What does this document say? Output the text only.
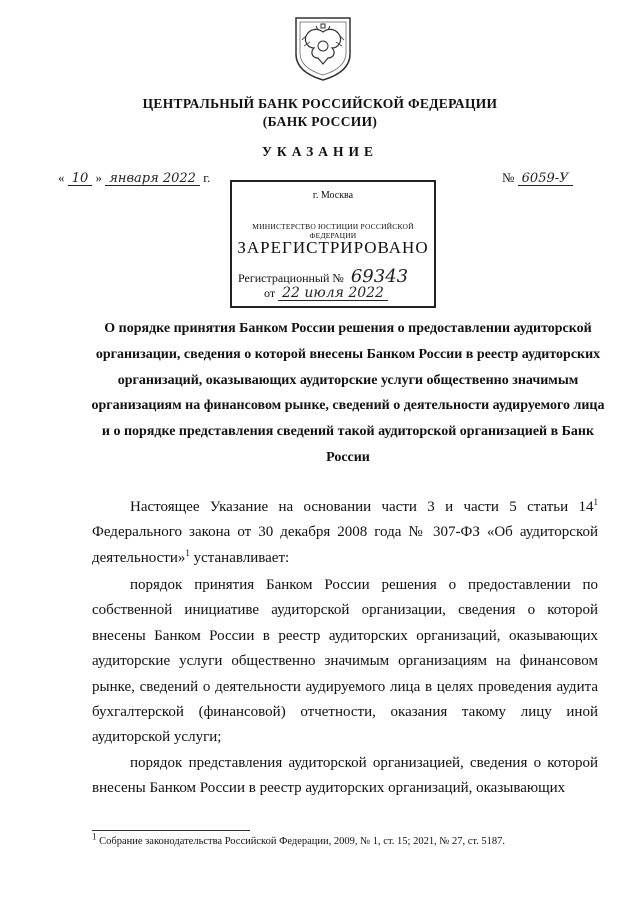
ЦЕНТРАЛЬНЫЙ БАНК РОССИЙСКОЙ ФЕДЕРАЦИИ
(БАНК РОССИИ)
УКАЗАНИЕ
« 10 » января 2022 г.	№ 6059-У
г. Москва
МИНИСТЕРСТВО ЮСТИЦИИ РОССИЙСКОЙ ФЕДЕРАЦИИ
ЗАРЕГИСТРИРОВАНО
Регистрационный № 69343
от 22 июля 2022
О порядке принятия Банком России решения о предоставлении аудиторской организации, сведения о которой внесены Банком России в реестр аудиторских организаций, оказывающих аудиторские услуги общественно значимым организациям на финансовом рынке, сведений о деятельности аудируемого лица и о порядке представления сведений такой аудиторской организацией в Банк России

Настоящее Указание на основании части 3 и части 5 статьи $14^1$ Федерального закона от 30 декабря 2008 года № 307-ФЗ «Об аудиторской деятельности»$^1$ устанавливает:

порядок принятия Банком России решения о предоставлении по собственной инициативе аудиторской организации, сведения о которой внесены Банком России в реестр аудиторских организаций, оказывающих аудиторские услуги общественно значимым организациям на финансовом рынке, сведений о деятельности аудируемого лица в целях проведения аудита бухгалтерской (финансовой) отчетности, оказания такому лицу иной аудиторской услуги;

порядок представления аудиторской организацией, сведения о которой внесены Банком России в реестр аудиторских организаций, оказывающих

$^1$ Собрание законодательства Российской Федерации, 2009, № 1, ст. 15; 2021, № 27, ст. 5187.
